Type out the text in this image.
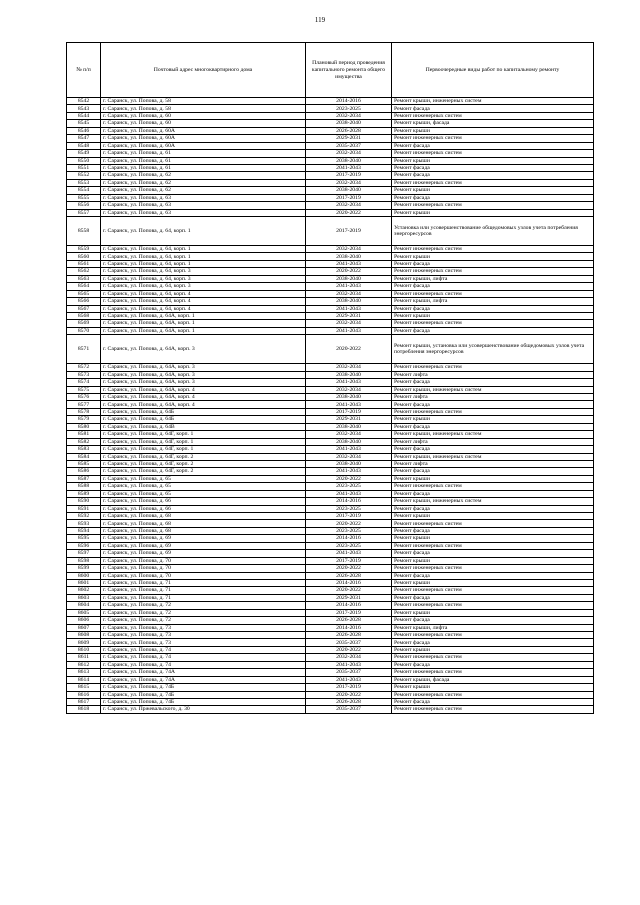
119
№ п/п	Почтовый адрес многоквартирного дома	Плановый период проведения капитального ремонта общего имущества	Первоочередные виды работ по капитальному ремонту
8542	г. Саранск, ул. Попова, д. 58	2014-2016	Ремонт крыши, инженерных систем
8543	г. Саранск, ул. Попова, д. 58	2023-2025	Ремонт фасада
8544	г. Саранск, ул. Попова, д. 60	2032-2034	Ремонт инженерных систем
8545	г. Саранск, ул. Попова, д. 60	2038-2040	Ремонт крыши, фасада
8546	г. Саранск, ул. Попова, д. 60А	2026-2028	Ремонт крыши
8547	г. Саранск, ул. Попова, д. 60А	2029-2031	Ремонт инженерных систем
8548	г. Саранск, ул. Попова, д. 60А	2035-2037	Ремонт фасада
8549	г. Саранск, ул. Попова, д. 61	2032-2034	Ремонт инженерных систем
8550	г. Саранск, ул. Попова, д. 61	2038-2040	Ремонт крыши
8551	г. Саранск, ул. Попова, д. 61	2041-2043	Ремонт фасада
8552	г. Саранск, ул. Попова, д. 62	2017-2019	Ремонт фасада
8553	г. Саранск, ул. Попова, д. 62	2032-2034	Ремонт инженерных систем
8554	г. Саранск, ул. Попова, д. 62	2038-2040	Ремонт крыши
8555	г. Саранск, ул. Попова, д. 63	2017-2019	Ремонт фасада
8556	г. Саранск, ул. Попова, д. 63	2032-2034	Ремонт инженерных систем
8557	г. Саранск, ул. Попова, д. 63	2020-2022	Ремонт крыши
8558	г. Саранск, ул. Попова, д. 64, корп. 1	2017-2019	Установка или усовершенствование общедомовых узлов учета потребления энергоресурсов
8559	г. Саранск, ул. Попова, д. 64, корп. 1	2032-2034	Ремонт инженерных систем
8560	г. Саранск, ул. Попова, д. 64, корп. 1	2038-2040	Ремонт крыши
8561	г. Саранск, ул. Попова, д. 64, корп. 1	2041-2043	Ремонт фасада
8562	г. Саранск, ул. Попова, д. 64, корп. 3	2020-2022	Ремонт инженерных систем
8563	г. Саранск, ул. Попова, д. 64, корп. 3	2038-2040	Ремонт крыши, лифта
8564	г. Саранск, ул. Попова, д. 64, корп. 3	2041-2043	Ремонт фасада
8565	г. Саранск, ул. Попова, д. 64, корп. 4	2032-2034	Ремонт инженерных систем
8566	г. Саранск, ул. Попова, д. 64, корп. 4	2038-2040	Ремонт крыши, лифта
8567	г. Саранск, ул. Попова, д. 64, корп. 4	2041-2043	Ремонт фасада
8568	г. Саранск, ул. Попова, д. 64А, корп. 1	2029-2031	Ремонт крыши
8569	г. Саранск, ул. Попова, д. 64А, корп. 1	2032-2034	Ремонт инженерных систем
8570	г. Саранск, ул. Попова, д. 64А, корп. 1	2041-2043	Ремонт фасада
8571	г. Саранск, ул. Попова, д. 64А, корп. 3	2020-2022	Ремонт крыши, установка или усовершенствование общедомовых узлов учета потребления энергоресурсов
8572	г. Саранск, ул. Попова, д. 64А, корп. 3	2032-2034	Ремонт инженерных систем
8573	г. Саранск, ул. Попова, д. 64А, корп. 3	2038-2040	Ремонт лифта
8574	г. Саранск, ул. Попова, д. 64А, корп. 3	2041-2043	Ремонт фасада
8575	г. Саранск, ул. Попова, д. 64А, корп. 4	2032-2034	Ремонт крыши, инженерных систем
8576	г. Саранск, ул. Попова, д. 64А, корп. 4	2038-2040	Ремонт лифта
8577	г. Саранск, ул. Попова, д. 64А, корп. 4	2041-2043	Ремонт фасада
8578	г. Саранск, ул. Попова, д. 64Б	2017-2019	Ремонт инженерных систем
8579	г. Саранск, ул. Попова, д. 64Б	2029-2031	Ремонт крыши
8580	г. Саранск, ул. Попова, д. 64В	2038-2040	Ремонт фасада
8581	г. Саранск, ул. Попова, д. 64Г, корп. 1	2032-2034	Ремонт крыши, инженерных систем
8582	г. Саранск, ул. Попова, д. 64Г, корп. 1	2038-2040	Ремонт лифта
8583	г. Саранск, ул. Попова, д. 64Г, корп. 1	2041-2043	Ремонт фасада
8584	г. Саранск, ул. Попова, д. 64Г, корп. 2	2032-2034	Ремонт крыши, инженерных систем
8585	г. Саранск, ул. Попова, д. 64Г, корп. 2	2038-2040	Ремонт лифта
8586	г. Саранск, ул. Попова, д. 64Г, корп. 2	2041-2043	Ремонт фасада
8587	г. Саранск, ул. Попова, д. 65	2020-2022	Ремонт крыши
8588	г. Саранск, ул. Попова, д. 65	2023-2025	Ремонт инженерных систем
8589	г. Саранск, ул. Попова, д. 65	2041-2043	Ремонт фасада
8590	г. Саранск, ул. Попова, д. 66	2014-2016	Ремонт крыши, инженерных систем
8591	г. Саранск, ул. Попова, д. 66	2023-2025	Ремонт фасада
8592	г. Саранск, ул. Попова, д. 68	2017-2019	Ремонт крыши
8593	г. Саранск, ул. Попова, д. 68	2020-2022	Ремонт инженерных систем
8594	г. Саранск, ул. Попова, д. 68	2023-2025	Ремонт фасада
8595	г. Саранск, ул. Попова, д. 69	2014-2016	Ремонт крыши
8596	г. Саранск, ул. Попова, д. 69	2023-2025	Ремонт инженерных систем
8597	г. Саранск, ул. Попова, д. 69	2041-2043	Ремонт фасада
8598	г. Саранск, ул. Попова, д. 70	2017-2019	Ремонт крыши
8599	г. Саранск, ул. Попова, д. 70	2020-2022	Ремонт инженерных систем
8600	г. Саранск, ул. Попова, д. 70	2026-2028	Ремонт фасада
8601	г. Саранск, ул. Попова, д. 71	2014-2016	Ремонт крыши
8602	г. Саранск, ул. Попова, д. 71	2020-2022	Ремонт инженерных систем
8603	г. Саранск, ул. Попова, д. 71	2029-2031	Ремонт фасада
8604	г. Саранск, ул. Попова, д. 72	2014-2016	Ремонт инженерных систем
8605	г. Саранск, ул. Попова, д. 72	2017-2019	Ремонт крыши
8606	г. Саранск, ул. Попова, д. 72	2026-2028	Ремонт фасада
8607	г. Саранск, ул. Попова, д. 73	2014-2016	Ремонт крыши, лифта
8608	г. Саранск, ул. Попова, д. 73	2026-2028	Ремонт инженерных систем
8609	г. Саранск, ул. Попова, д. 73	2035-2037	Ремонт фасада
8610	г. Саранск, ул. Попова, д. 74	2020-2022	Ремонт крыши
8611	г. Саранск, ул. Попова, д. 74	2032-2034	Ремонт инженерных систем
8612	г. Саранск, ул. Попова, д. 74	2041-2043	Ремонт фасада
8613	г. Саранск, ул. Попова, д. 74А	2035-2037	Ремонт инженерных систем
8614	г. Саранск, ул. Попова, д. 74А	2041-2043	Ремонт крыши, фасада
8615	г. Саранск, ул. Попова, д. 74Б	2017-2019	Ремонт крыши
8616	г. Саранск, ул. Попова, д. 74Б	2020-2022	Ремонт инженерных систем
8617	г. Саранск, ул. Попова, д. 74Б	2026-2028	Ремонт фасада
8618	г. Саранск, ул. Пржевальского, д. 30	2035-2037	Ремонт инженерных систем
